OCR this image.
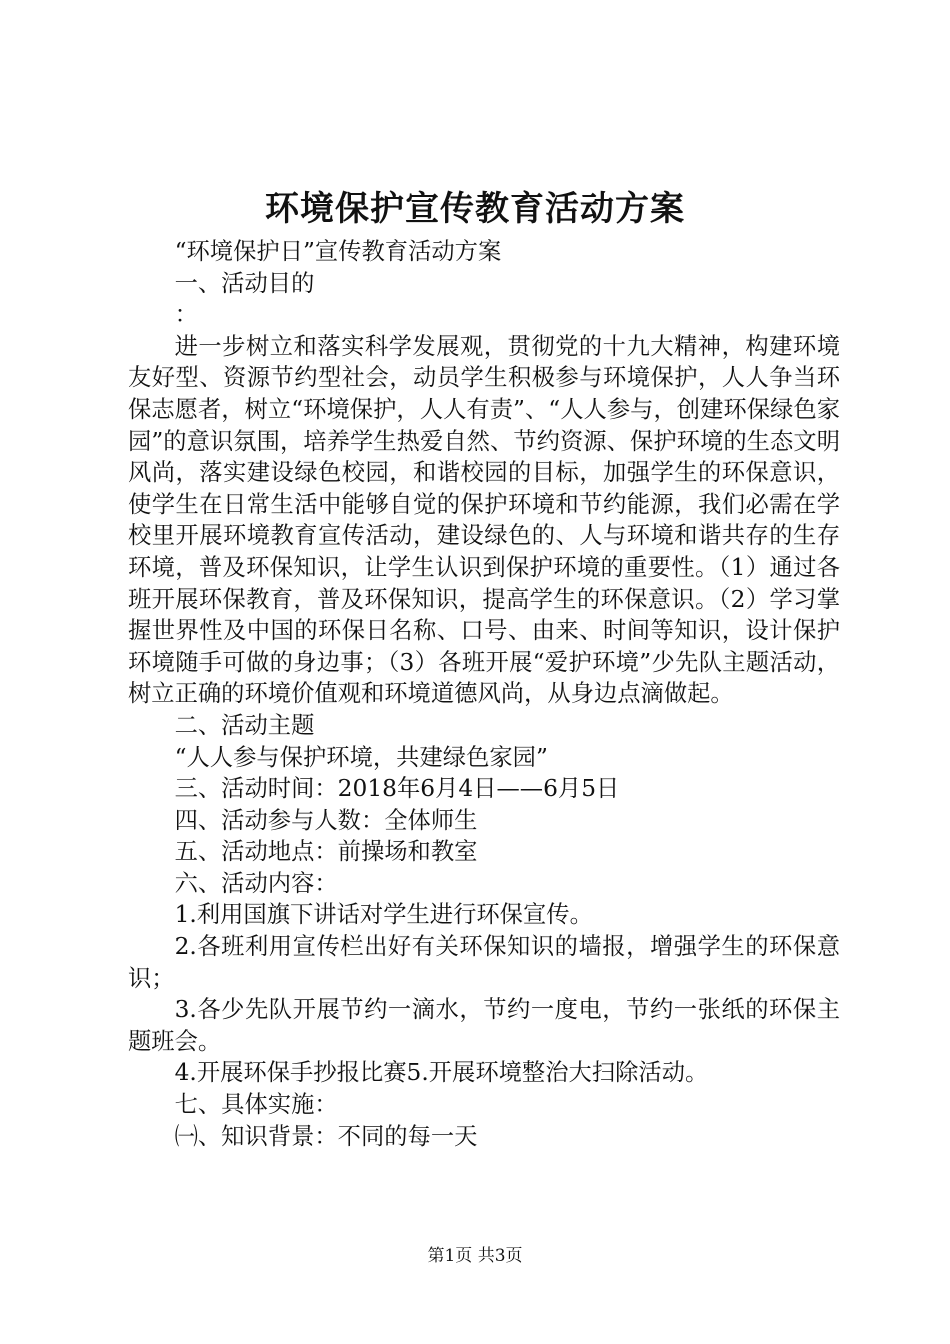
环境保护宣传教育活动方案

“环境保护日”宣传教育活动方案

一、活动目的

：

进一步树立和落实科学发展观，贯彻党的十九大精神，构建环境友好型、资源节约型社会，动员学生积极参与环境保护，人人争当环保志愿者，树立“环境保护，人人有责”、“人人参与，创建环保绿色家园”的意识氛围，培养学生热爱自然、节约资源、保护环境的生态文明风尚，落实建设绿色校园，和谐校园的目标，加强学生的环保意识，使学生在日常生活中能够自觉的保护环境和节约能源，我们必需在学校里开展环境教育宣传活动，建设绿色的、人与环境和谐共存的生存环境，普及环保知识，让学生认识到保护环境的重要性。（1）通过各班开展环保教育，普及环保知识，提高学生的环保意识。（2）学习掌握世界性及中国的环保日名称、口号、由来、时间等知识，设计保护环境随手可做的身边事；（3）各班开展“爱护环境”少先队主题活动，树立正确的环境价值观和环境道德风尚，从身边点滴做起。

二、活动主题

“人人参与保护环境，共建绿色家园”

三、活动时间：2018年6月4日——6月5日

四、活动参与人数：全体师生

五、活动地点：前操场和教室

六、活动内容：

1.利用国旗下讲话对学生进行环保宣传。

2.各班利用宣传栏出好有关环保知识的墙报，增强学生的环保意识；

3.各少先队开展节约一滴水，节约一度电，节约一张纸的环保主题班会。

4.开展环保手抄报比赛5.开展环境整治大扫除活动。

七、具体实施：

㈠、知识背景：不同的每一天

第1页 共3页
